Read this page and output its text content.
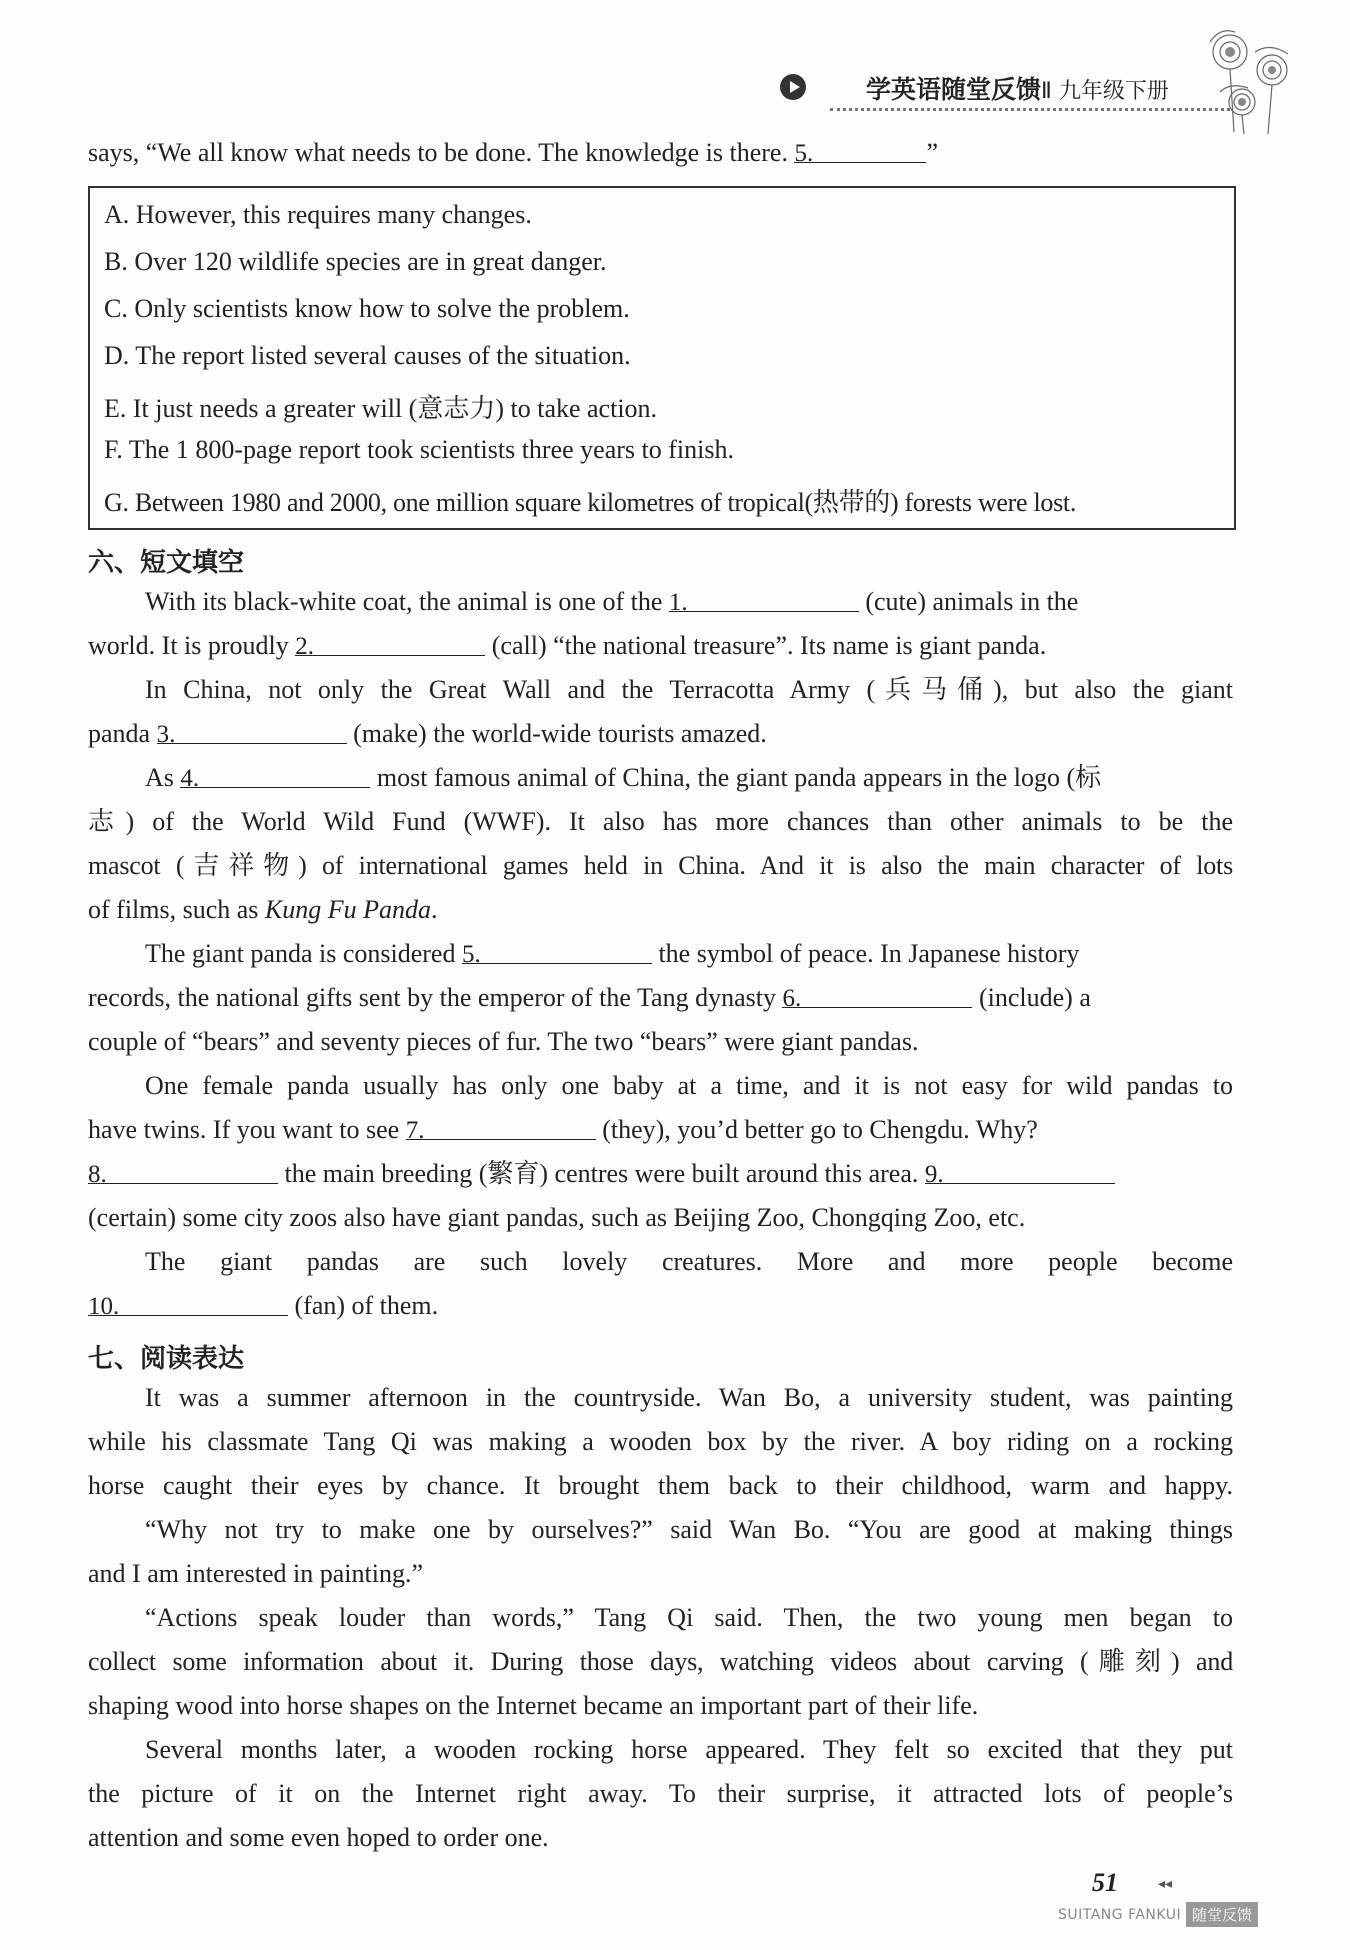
学英语随堂反馈Ⅱ 九年级下册
says, “We all know what needs to be done. The knowledge is there. 5.	”
A. However, this requires many changes.
B. Over 120 wildlife species are in great danger.
C. Only scientists know how to solve the problem.
D. The report listed several causes of the situation.
E. It just needs a greater will (意志力) to take action.
F. The 1 800-page report took scientists three years to finish.
G. Between 1980 and 2000, one million square kilometres of tropical(热带的) forests were lost.
六、短文填空
With its black-white coat, the animal is one of the 1.	(cute) animals in the
world. It is proudly 2.	(call) “the national treasure”. Its name is giant panda.
In China, not only the Great Wall and the Terracotta Army (兵马俑), but also the giant
panda 3.	(make) the world-wide tourists amazed.
As 4.	most famous animal of China, the giant panda appears in the logo (标
志) of the World Wild Fund (WWF). It also has more chances than other animals to be the
mascot (吉祥物) of international games held in China. And it is also the main character of lots
of films, such as Kung Fu Panda.
The giant panda is considered 5.	the symbol of peace. In Japanese history
records, the national gifts sent by the emperor of the Tang dynasty 6.	(include) a
couple of “bears” and seventy pieces of fur. The two “bears” were giant pandas.
One female panda usually has only one baby at a time, and it is not easy for wild pandas to
have twins. If you want to see 7.	(they), you’d better go to Chengdu. Why?
8.	the main breeding (繁育) centres were built around this area. 9.
(certain) some city zoos also have giant pandas, such as Beijing Zoo, Chongqing Zoo, etc.
The giant pandas are such lovely creatures. More and more people become
10.	(fan) of them.
七、阅读表达
It was a summer afternoon in the countryside. Wan Bo, a university student, was painting
while his classmate Tang Qi was making a wooden box by the river. A boy riding on a rocking
horse caught their eyes by chance. It brought them back to their childhood, warm and happy.
“Why not try to make one by ourselves?” said Wan Bo. “You are good at making things
and I am interested in painting.”
“Actions speak louder than words,” Tang Qi said. Then, the two young men began to
collect some information about it. During those days, watching videos about carving (雕刻) and
shaping wood into horse shapes on the Internet became an important part of their life.
Several months later, a wooden rocking horse appeared. They felt so excited that they put
the picture of it on the Internet right away. To their surprise, it attracted lots of people’s
attention and some even hoped to order one.
51	◂◂
SUITANG FANKUI 随堂反馈
